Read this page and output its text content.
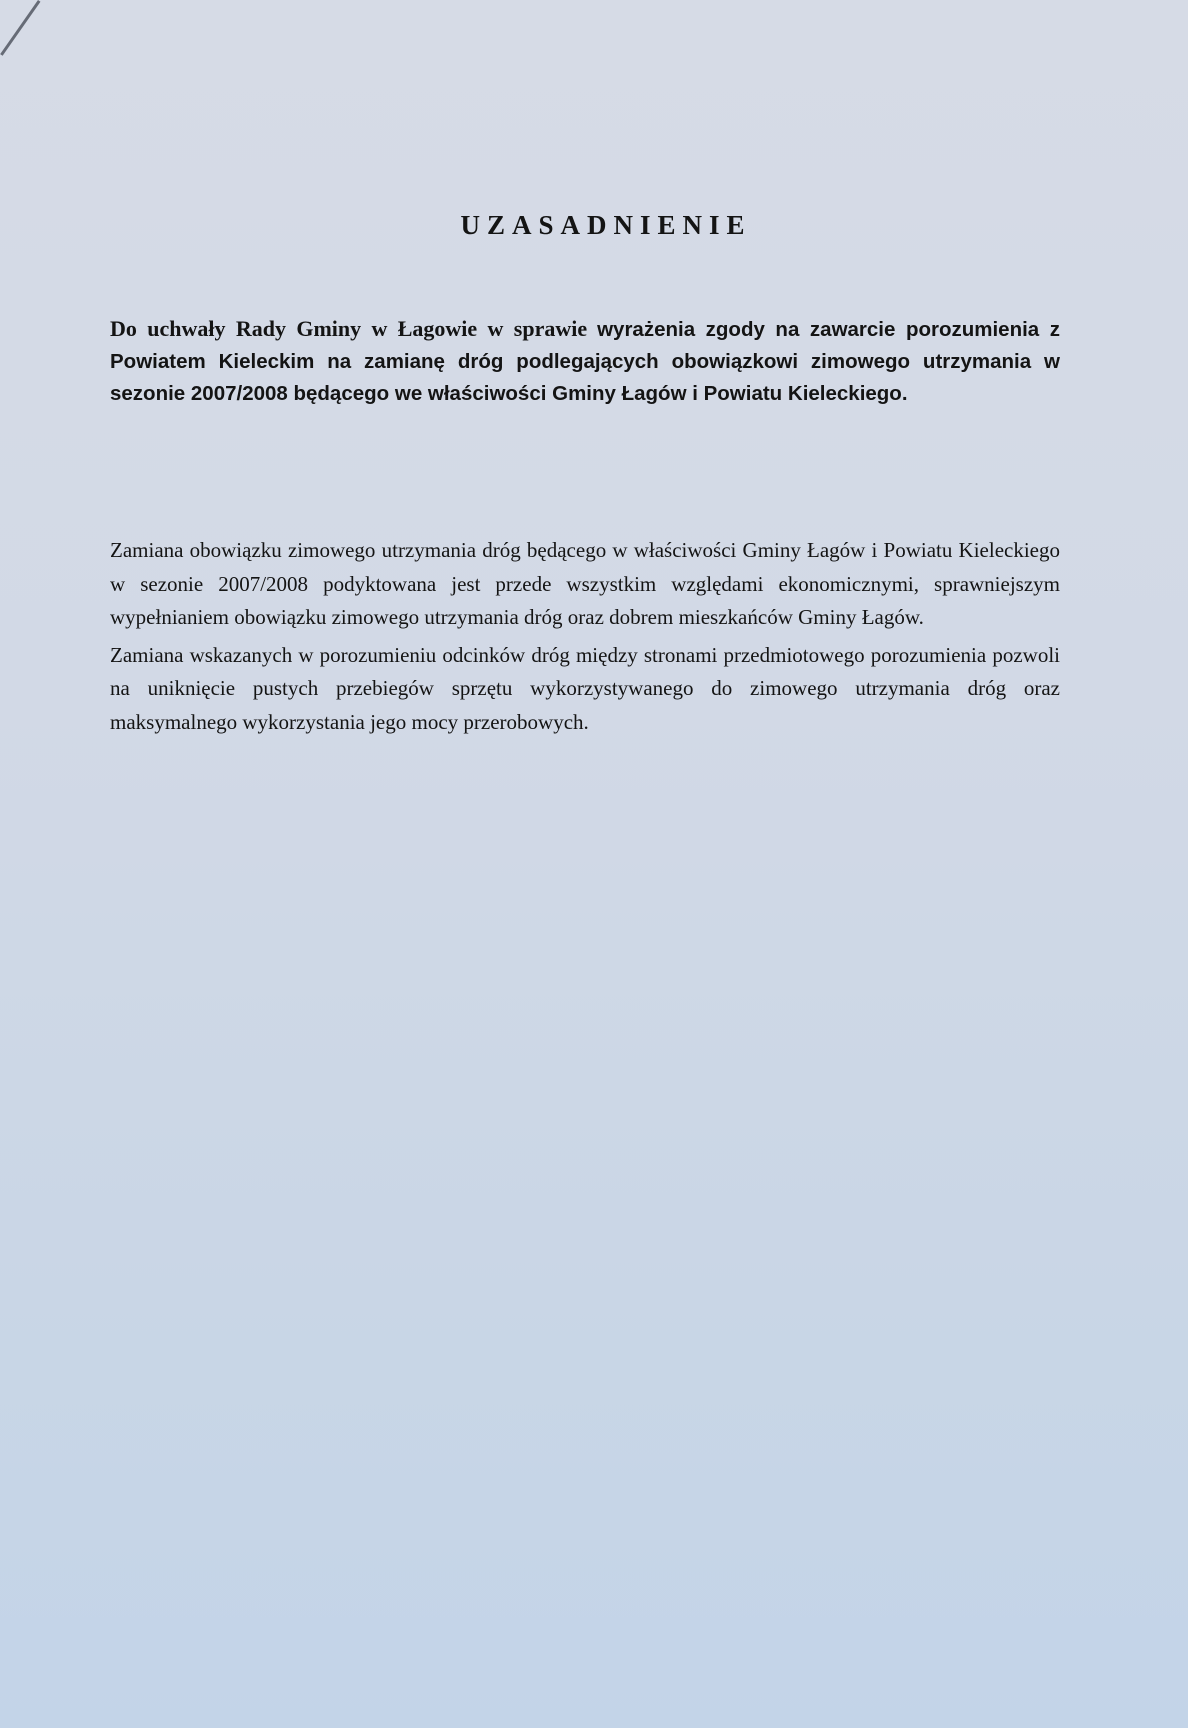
UZASADNIENIE
Do uchwały Rady Gminy w Łagowie w sprawie wyrażenia zgody na zawarcie porozumienia z Powiatem Kieleckim na zamianę dróg podlegających obowiązkowi zimowego utrzymania w sezonie 2007/2008 będącego we właściwości Gminy Łagów i Powiatu Kieleckiego.

Zamiana obowiązku zimowego utrzymania dróg będącego w właściwości Gminy Łagów i Powiatu Kieleckiego w sezonie 2007/2008 podyktowana jest przede wszystkim względami ekonomicznymi, sprawniejszym wypełnianiem obowiązku zimowego utrzymania dróg oraz dobrem mieszkańców Gminy Łagów.

Zamiana wskazanych w porozumieniu odcinków dróg między stronami przedmiotowego porozumienia pozwoli na uniknięcie pustych przebiegów sprzętu wykorzystywanego do zimowego utrzymania dróg oraz maksymalnego wykorzystania jego mocy przerobowych.
